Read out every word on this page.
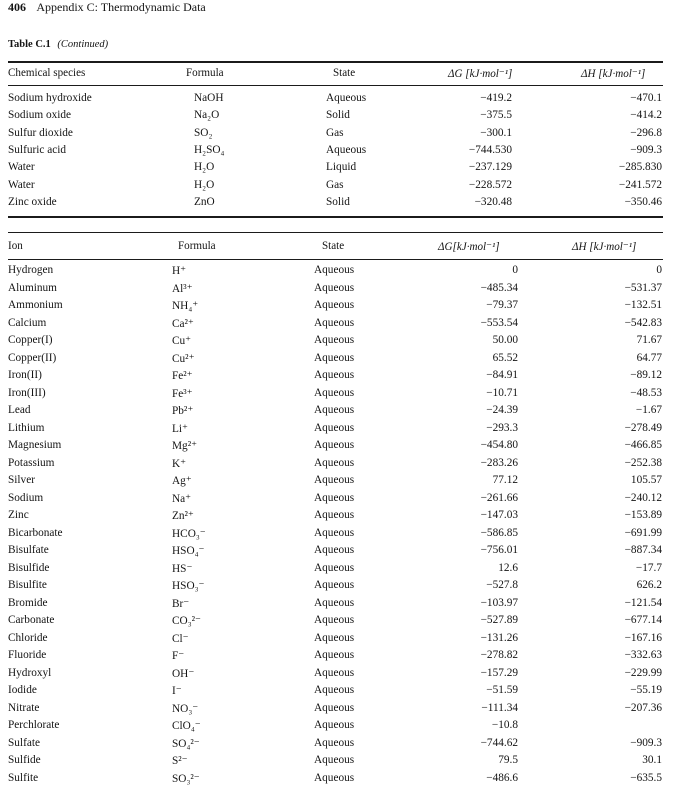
406 Appendix C: Thermodynamic Data
Table C.1 (Continued)
Chemical species	Formula	State	ΔG [kJ·mol⁻¹]	ΔH [kJ·mol⁻¹]
Sodium hydroxide	NaOH	Aqueous	−419.2	−470.1
Sodium oxide	Na₂O	Solid	−375.5	−414.2
Sulfur dioxide	SO₂	Gas	−300.1	−296.8
Sulfuric acid	H₂SO₄	Aqueous	−744.530	−909.3
Water	H₂O	Liquid	−237.129	−285.830
Water	H₂O	Gas	−228.572	−241.572
Zinc oxide	ZnO	Solid	−320.48	−350.46
Ion	Formula	State	ΔG[kJ·mol⁻¹]	ΔH [kJ·mol⁻¹]
Hydrogen	H⁺	Aqueous	0	0
Aluminum	Al³⁺	Aqueous	−485.34	−531.37
Ammonium	NH₄⁺	Aqueous	−79.37	−132.51
Calcium	Ca²⁺	Aqueous	−553.54	−542.83
Copper(I)	Cu⁺	Aqueous	50.00	71.67
Copper(II)	Cu²⁺	Aqueous	65.52	64.77
Iron(II)	Fe²⁺	Aqueous	−84.91	−89.12
Iron(III)	Fe³⁺	Aqueous	−10.71	−48.53
Lead	Pb²⁺	Aqueous	−24.39	−1.67
Lithium	Li⁺	Aqueous	−293.3	−278.49
Magnesium	Mg²⁺	Aqueous	−454.80	−466.85
Potassium	K⁺	Aqueous	−283.26	−252.38
Silver	Ag⁺	Aqueous	77.12	105.57
Sodium	Na⁺	Aqueous	−261.66	−240.12
Zinc	Zn²⁺	Aqueous	−147.03	−153.89
Bicarbonate	HCO₃⁻	Aqueous	−586.85	−691.99
Bisulfate	HSO₄⁻	Aqueous	−756.01	−887.34
Bisulfide	HS⁻	Aqueous	12.6	−17.7
Bisulfite	HSO₃⁻	Aqueous	−527.8	626.2
Bromide	Br⁻	Aqueous	−103.97	−121.54
Carbonate	CO₃²⁻	Aqueous	−527.89	−677.14
Chloride	Cl⁻	Aqueous	−131.26	−167.16
Fluoride	F⁻	Aqueous	−278.82	−332.63
Hydroxyl	OH⁻	Aqueous	−157.29	−229.99
Iodide	I⁻	Aqueous	−51.59	−55.19
Nitrate	NO₃⁻	Aqueous	−111.34	−207.36
Perchlorate	ClO₄⁻	Aqueous	−10.8
Sulfate	SO₄²⁻	Aqueous	−744.62	−909.3
Sulfide	S²⁻	Aqueous	79.5	30.1
Sulfite	SO₃²⁻	Aqueous	−486.6	−635.5
